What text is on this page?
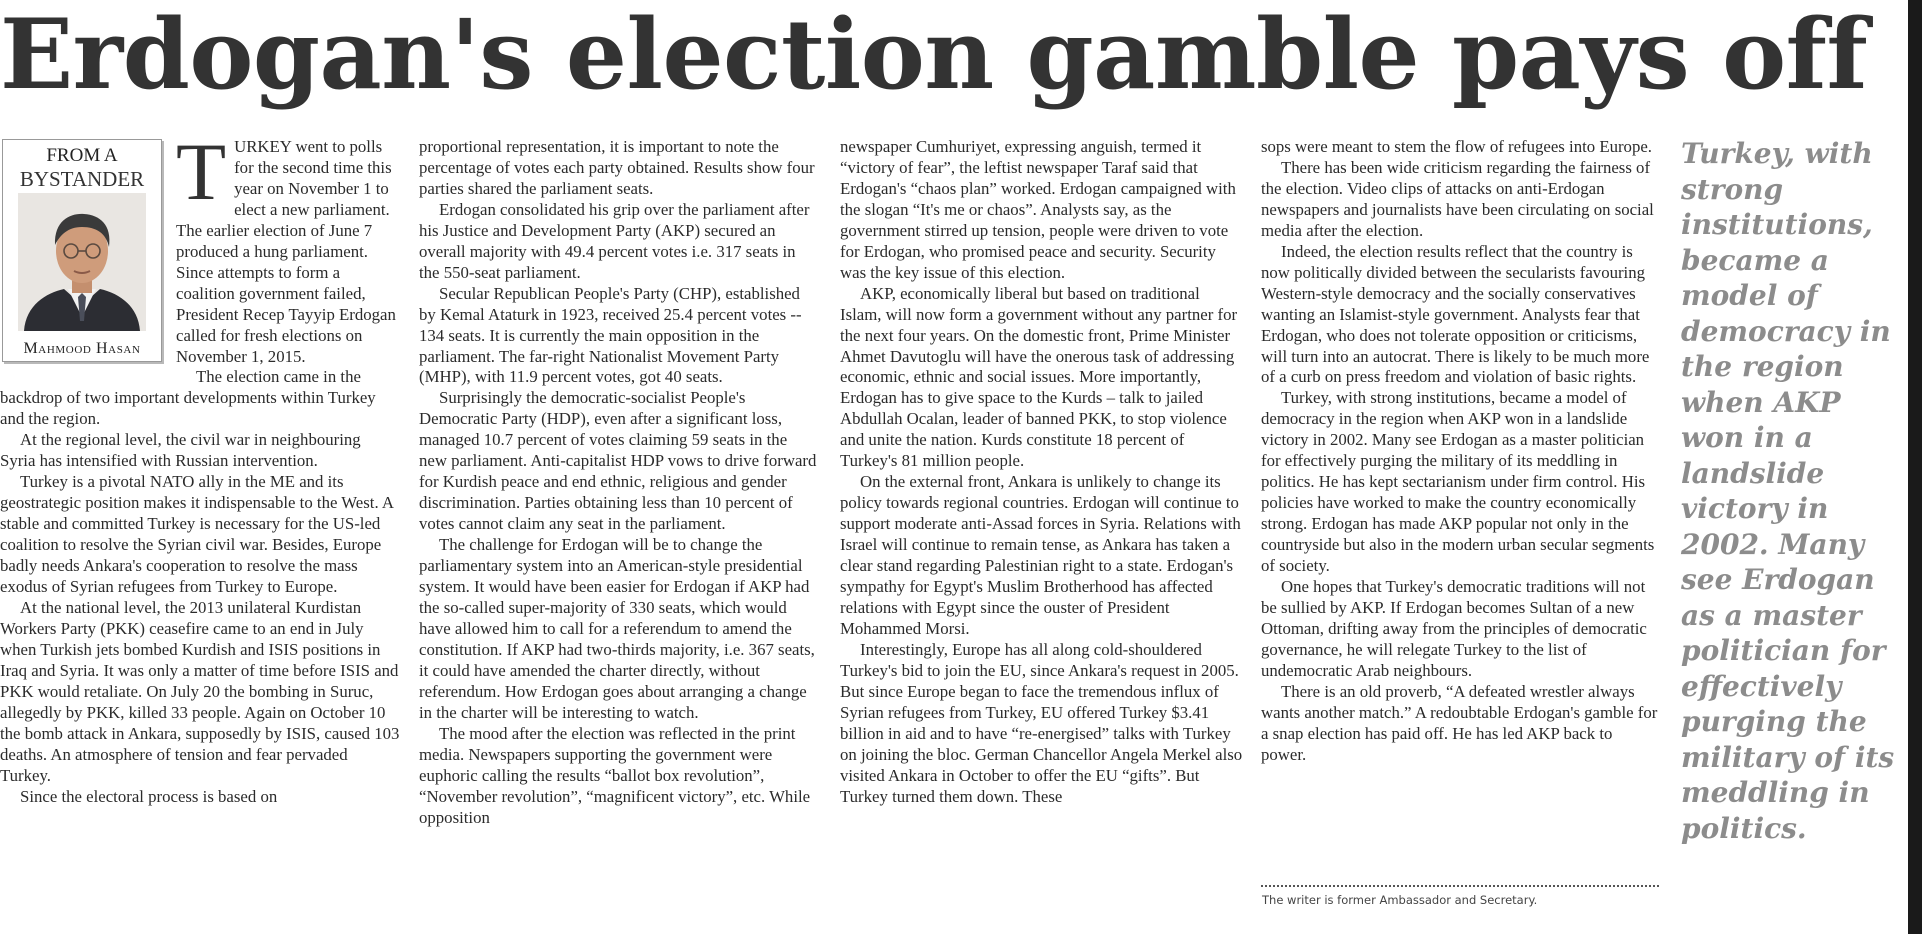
Erdogan's election gamble pays off
FROM A
BYSTANDER
Mahmood Hasan
T URKEY went to polls for the second time this year on November 1 to elect a new parliament. The earlier election of June 7 produced a hung parliament. Since attempts to form a coalition government failed, President Recep Tayyip Erdogan called for fresh elections on November 1, 2015.

The election came in the backdrop of two important developments within Turkey and the region.

At the regional level, the civil war in neighbouring Syria has intensified with Russian intervention.

Turkey is a pivotal NATO ally in the ME and its geostrategic position makes it indispensable to the West. A stable and committed Turkey is necessary for the US-led coalition to resolve the Syrian civil war. Besides, Europe badly needs Ankara's cooperation to resolve the mass exodus of Syrian refugees from Turkey to Europe.

At the national level, the 2013 unilateral Kurdistan Workers Party (PKK) ceasefire came to an end in July when Turkish jets bombed Kurdish and ISIS positions in Iraq and Syria. It was only a matter of time before ISIS and PKK would retaliate. On July 20 the bombing in Suruc, allegedly by PKK, killed 33 people. Again on October 10 the bomb attack in Ankara, supposedly by ISIS, caused 103 deaths. An atmosphere of tension and fear pervaded Turkey.

Since the electoral process is based on

proportional representation, it is important to note the percentage of votes each party obtained. Results show four parties shared the parliament seats.

Erdogan consolidated his grip over the parliament after his Justice and Development Party (AKP) secured an overall majority with 49.4 percent votes i.e. 317 seats in the 550-seat parliament.

Secular Republican People's Party (CHP), established by Kemal Ataturk in 1923, received 25.4 percent votes -- 134 seats. It is currently the main opposition in the parliament. The far-right Nationalist Movement Party (MHP), with 11.9 percent votes, got 40 seats.

Surprisingly the democratic-socialist People's Democratic Party (HDP), even after a significant loss, managed 10.7 percent of votes claiming 59 seats in the new parliament. Anti-capitalist HDP vows to drive forward for Kurdish peace and end ethnic, religious and gender discrimination. Parties obtaining less than 10 percent of votes cannot claim any seat in the parliament.

The challenge for Erdogan will be to change the parliamentary system into an American-style presidential system. It would have been easier for Erdogan if AKP had the so-called super-majority of 330 seats, which would have allowed him to call for a referendum to amend the constitution. If AKP had two-thirds majority, i.e. 367 seats, it could have amended the charter directly, without referendum. How Erdogan goes about arranging a change in the charter will be interesting to watch.

The mood after the election was reflected in the print media. Newspapers supporting the government were euphoric calling the results “ballot box revolution”, “November revolution”, “magnificent victory”, etc. While opposition

newspaper Cumhuriyet, expressing anguish, termed it “victory of fear”, the leftist newspaper Taraf said that Erdogan's “chaos plan” worked. Erdogan campaigned with the slogan “It's me or chaos”. Analysts say, as the government stirred up tension, people were driven to vote for Erdogan, who promised peace and security. Security was the key issue of this election.

AKP, economically liberal but based on traditional Islam, will now form a government without any partner for the next four years. On the domestic front, Prime Minister Ahmet Davutoglu will have the onerous task of addressing economic, ethnic and social issues. More importantly, Erdogan has to give space to the Kurds – talk to jailed Abdullah Ocalan, leader of banned PKK, to stop violence and unite the nation. Kurds constitute 18 percent of Turkey's 81 million people.

On the external front, Ankara is unlikely to change its policy towards regional countries. Erdogan will continue to support moderate anti-Assad forces in Syria. Relations with Israel will continue to remain tense, as Ankara has taken a clear stand regarding Palestinian right to a state. Erdogan's sympathy for Egypt's Muslim Brotherhood has affected relations with Egypt since the ouster of President Mohammed Morsi.

Interestingly, Europe has all along cold-shouldered Turkey's bid to join the EU, since Ankara's request in 2005. But since Europe began to face the tremendous influx of Syrian refugees from Turkey, EU offered Turkey $3.41 billion in aid and to have “re-energised” talks with Turkey on joining the bloc. German Chancellor Angela Merkel also visited Ankara in October to offer the EU “gifts”. But Turkey turned them down. These

sops were meant to stem the flow of refugees into Europe.

There has been wide criticism regarding the fairness of the election. Video clips of attacks on anti-Erdogan newspapers and journalists have been circulating on social media after the election.

Indeed, the election results reflect that the country is now politically divided between the secularists favouring Western-style democracy and the socially conservatives wanting an Islamist-style government. Analysts fear that Erdogan, who does not tolerate opposition or criticisms, will turn into an autocrat. There is likely to be much more of a curb on press freedom and violation of basic rights.

Turkey, with strong institutions, became a model of democracy in the region when AKP won in a landslide victory in 2002. Many see Erdogan as a master politician for effectively purging the military of its meddling in politics. He has kept sectarianism under firm control. His policies have worked to make the country economically strong. Erdogan has made AKP popular not only in the countryside but also in the modern urban secular segments of society.

One hopes that Turkey's democratic traditions will not be sullied by AKP. If Erdogan becomes Sultan of a new Ottoman, drifting away from the principles of democratic governance, he will relegate Turkey to the list of undemocratic Arab neighbours.

There is an old proverb, “A defeated wrestler always wants another match.” A redoubtable Erdogan's gamble for a snap election has paid off. He has led AKP back to power.

The writer is former Ambassador and Secretary.
Turkey, with strong institutions, became a model of democracy in the region when AKP won in a landslide victory in 2002. Many see Erdogan as a master politician for effectively purging the military of its meddling in politics.
